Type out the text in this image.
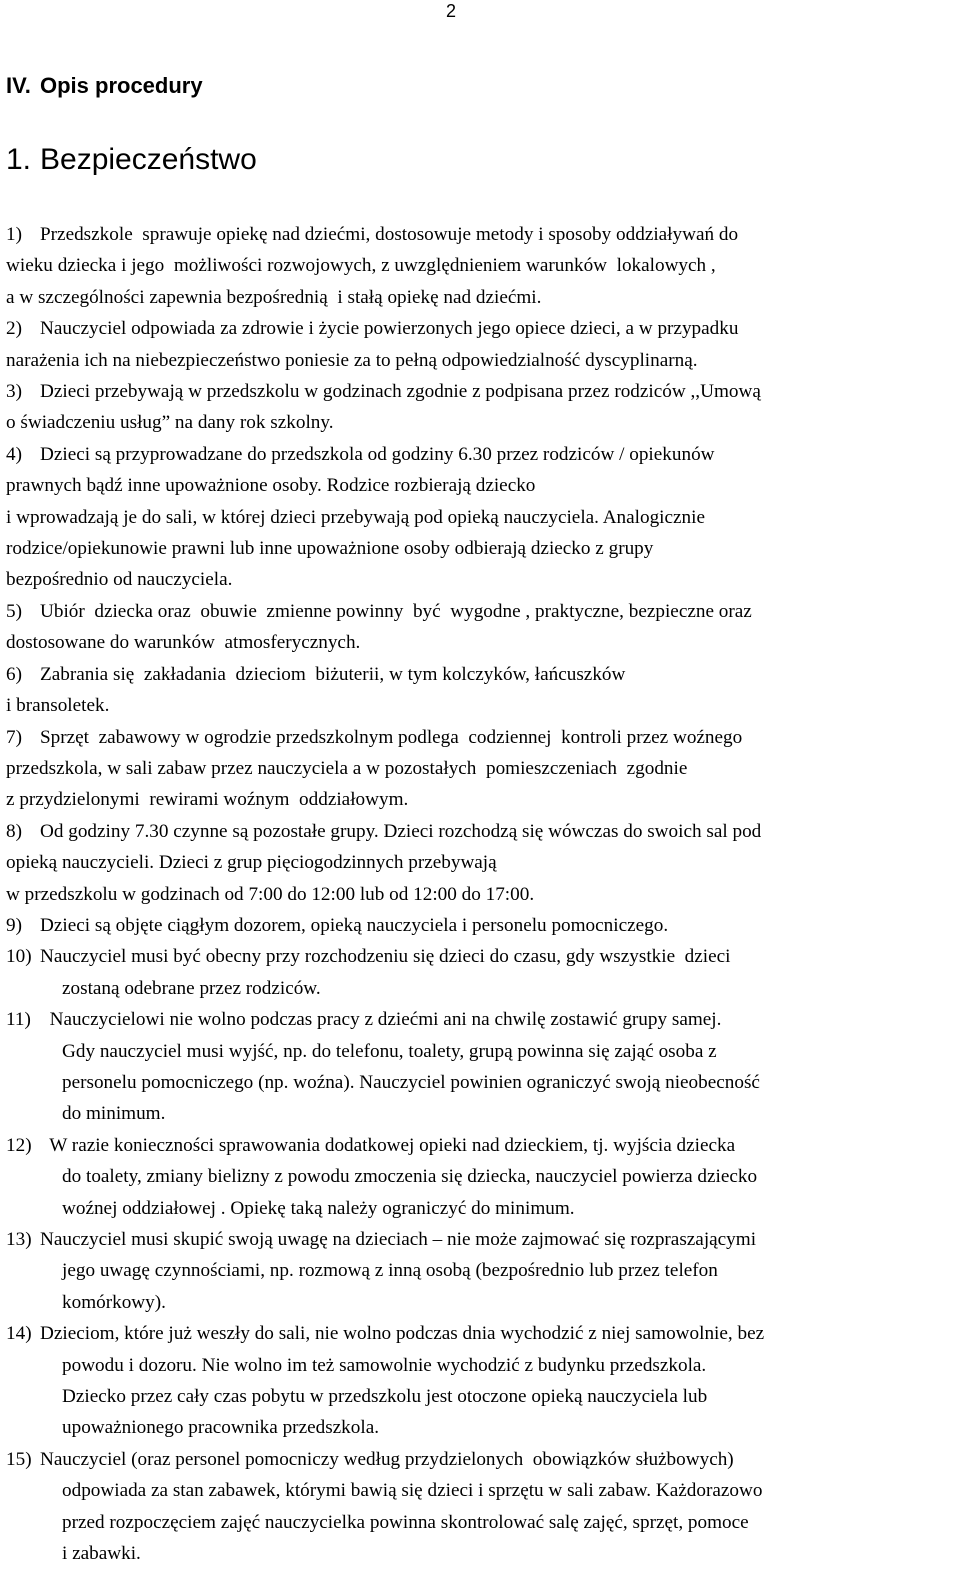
2
IV. Opis procedury
1. Bezpieczeństwo
1) Przedszkole  sprawuje opiekę nad dziećmi, dostosowuje metody i sposoby oddziaływań do
wieku dziecka i jego  możliwości rozwojowych, z uwzględnieniem warunków  lokalowych ,
a w szczególności zapewnia bezpośrednią  i stałą opiekę nad dziećmi.
2) Nauczyciel odpowiada za zdrowie i życie powierzonych jego opiece dzieci, a w przypadku
narażenia ich na niebezpieczeństwo poniesie za to pełną odpowiedzialność dyscyplinarną.
3) Dzieci przebywają w przedszkolu w godzinach zgodnie z podpisana przez rodziców ,,Umową
o świadczeniu usług” na dany rok szkolny.
4) Dzieci są przyprowadzane do przedszkola od godziny 6.30 przez rodziców / opiekunów
prawnych bądź inne upoważnione osoby. Rodzice rozbierają dziecko
i wprowadzają je do sali, w której dzieci przebywają pod opieką nauczyciela. Analogicznie
rodzice/opiekunowie prawni lub inne upoważnione osoby odbierają dziecko z grupy
bezpośrednio od nauczyciela.
5) Ubiór  dziecka oraz  obuwie  zmienne powinny  być  wygodne , praktyczne, bezpieczne oraz
dostosowane do warunków  atmosferycznych.
6) Zabrania się  zakładania  dzieciom  biżuterii, w tym kolczyków, łańcuszków
i bransoletek.
7) Sprzęt  zabawowy w ogrodzie przedszkolnym podlega  codziennej  kontroli przez woźnego
przedszkola, w sali zabaw przez nauczyciela a w pozostałych  pomieszczeniach  zgodnie
z przydzielonymi  rewirami woźnym  oddziałowym.
8) Od godziny 7.30 czynne są pozostałe grupy. Dzieci rozchodzą się wówczas do swoich sal pod
opieką nauczycieli. Dzieci z grup pięciogodzinnych przebywają
w przedszkolu w godzinach od 7:00 do 12:00 lub od 12:00 do 17:00.
9) Dzieci są objęte ciągłym dozorem, opieką nauczyciela i personelu pomocniczego.
10) Nauczyciel musi być obecny przy rozchodzeniu się dzieci do czasu, gdy wszystkie  dzieci
zostaną odebrane przez rodziców.
11) Nauczycielowi nie wolno podczas pracy z dziećmi ani na chwilę zostawić grupy samej.
Gdy nauczyciel musi wyjść, np. do telefonu, toalety, grupą powinna się zająć osoba z
personelu pomocniczego (np. woźna). Nauczyciel powinien ograniczyć swoją nieobecność
do minimum.
12) W razie konieczności sprawowania dodatkowej opieki nad dzieckiem, tj. wyjścia dziecka
do toalety, zmiany bielizny z powodu zmoczenia się dziecka, nauczyciel powierza dziecko
woźnej oddziałowej . Opiekę taką należy ograniczyć do minimum.
13) Nauczyciel musi skupić swoją uwagę na dzieciach – nie może zajmować się rozpraszającymi
jego uwagę czynnościami, np. rozmową z inną osobą (bezpośrednio lub przez telefon
komórkowy).
14) Dzieciom, które już weszły do sali, nie wolno podczas dnia wychodzić z niej samowolnie, bez
powodu i dozoru. Nie wolno im też samowolnie wychodzić z budynku przedszkola.
Dziecko przez cały czas pobytu w przedszkolu jest otoczone opieką nauczyciela lub
upoważnionego pracownika przedszkola.
15) Nauczyciel (oraz personel pomocniczy według przydzielonych  obowiązków służbowych)
odpowiada za stan zabawek, którymi bawią się dzieci i sprzętu w sali zabaw. Każdorazowo
przed rozpoczęciem zajęć nauczycielka powinna skontrolować salę zajęć, sprzęt, pomoce
i zabawki.
